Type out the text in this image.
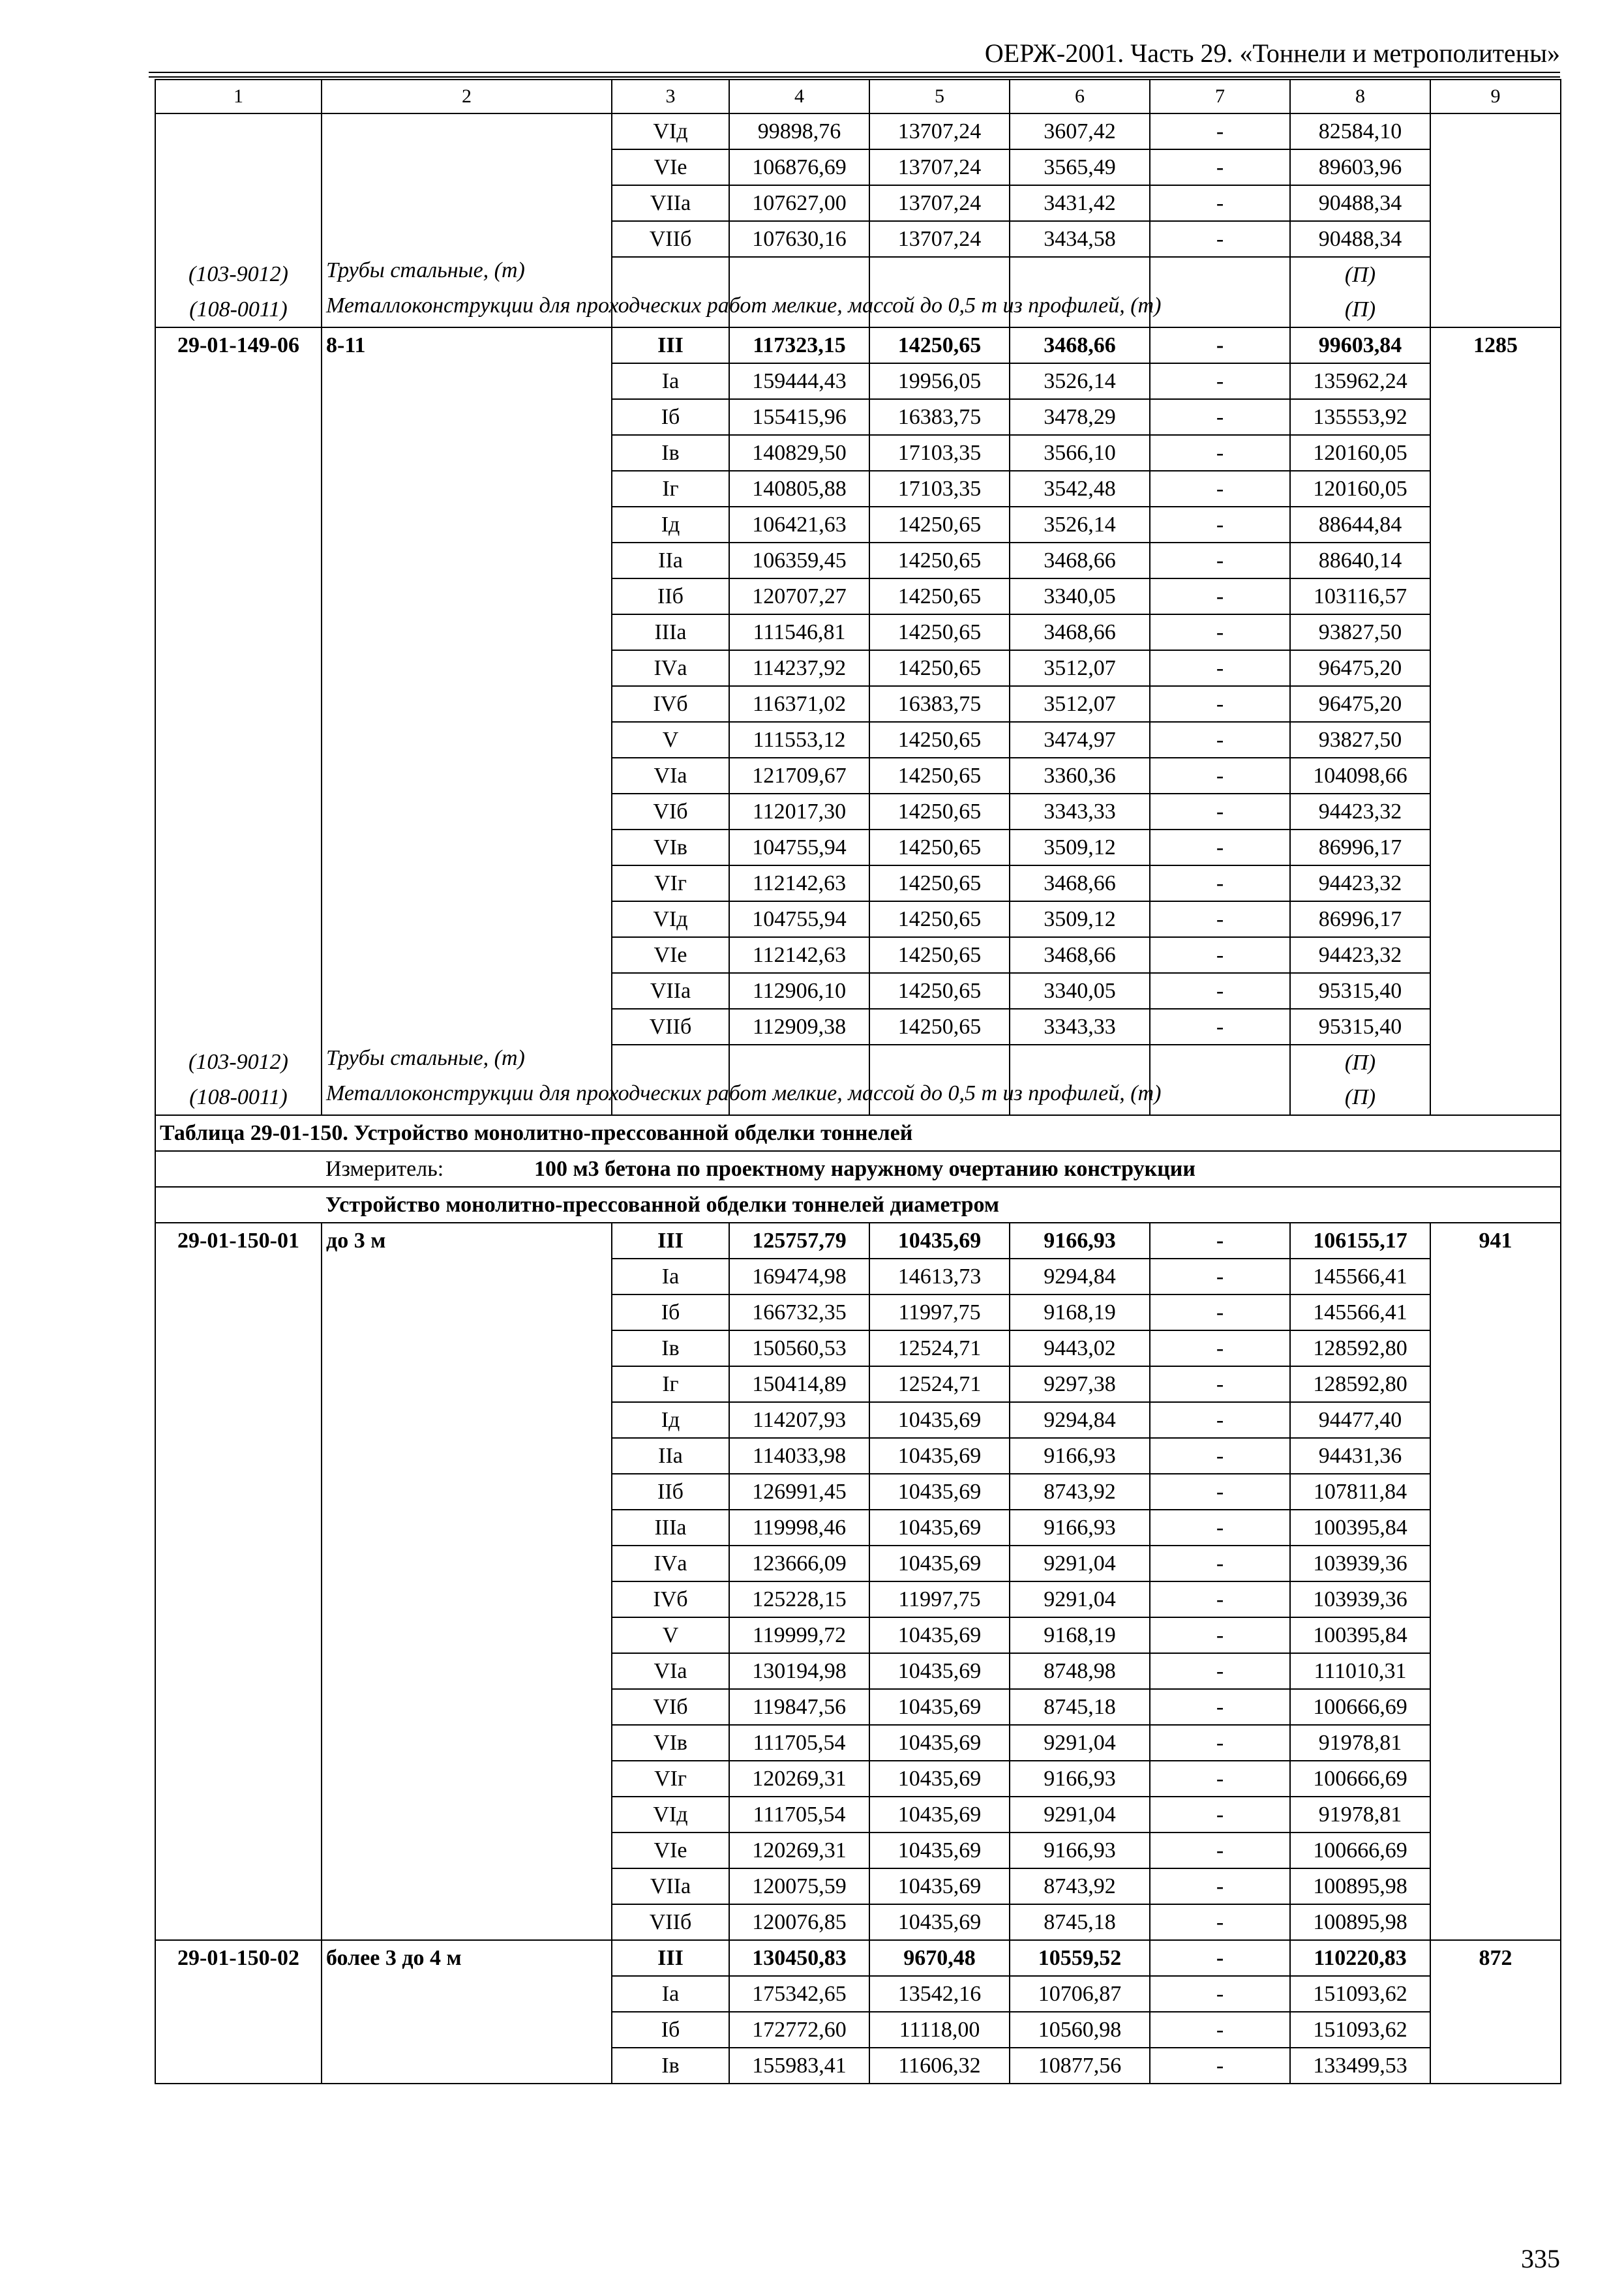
ОЕРЖ-2001. Часть 29. «Тоннели и метрополитены»
1	2	3	4	5	6	7	8	9
		VIд	99898,76	13707,24	3607,42	-	82584,10	
		VIе	106876,69	13707,24	3565,49	-	89603,96	
		VIIа	107627,00	13707,24	3431,42	-	90488,34	
		VIIб	107630,16	13707,24	3434,58	-	90488,34	
(103-9012)	Трубы стальные, (т)						(П)	
(108-0011)	Металлоконструкции для проходческих работ мелкие, массой до 0,5 т из профилей, (т)						(П)	
29-01-149-06	8-11	III	117323,15	14250,65	3468,66	-	99603,84	1285
		Iа	159444,43	19956,05	3526,14	-	135962,24	
		Iб	155415,96	16383,75	3478,29	-	135553,92	
		Iв	140829,50	17103,35	3566,10	-	120160,05	
		Iг	140805,88	17103,35	3542,48	-	120160,05	
		Iд	106421,63	14250,65	3526,14	-	88644,84	
		IIа	106359,45	14250,65	3468,66	-	88640,14	
		IIб	120707,27	14250,65	3340,05	-	103116,57	
		IIIа	111546,81	14250,65	3468,66	-	93827,50	
		IVа	114237,92	14250,65	3512,07	-	96475,20	
		IVб	116371,02	16383,75	3512,07	-	96475,20	
		V	111553,12	14250,65	3474,97	-	93827,50	
		VIа	121709,67	14250,65	3360,36	-	104098,66	
		VIб	112017,30	14250,65	3343,33	-	94423,32	
		VIв	104755,94	14250,65	3509,12	-	86996,17	
		VIг	112142,63	14250,65	3468,66	-	94423,32	
		VIд	104755,94	14250,65	3509,12	-	86996,17	
		VIе	112142,63	14250,65	3468,66	-	94423,32	
		VIIа	112906,10	14250,65	3340,05	-	95315,40	
		VIIб	112909,38	14250,65	3343,33	-	95315,40	
(103-9012)	Трубы стальные, (т)						(П)	
(108-0011)	Металлоконструкции для проходческих работ мелкие, массой до 0,5 т из профилей, (т)						(П)	
Таблица 29-01-150. Устройство монолитно-прессованной обделки тоннелей								
Измеритель: 100 м3 бетона по проектному наружному очертанию конструкции								
Устройство монолитно-прессованной обделки тоннелей диаметром								
29-01-150-01	до 3 м	III	125757,79	10435,69	9166,93	-	106155,17	941
		Iа	169474,98	14613,73	9294,84	-	145566,41	
		Iб	166732,35	11997,75	9168,19	-	145566,41	
		Iв	150560,53	12524,71	9443,02	-	128592,80	
		Iг	150414,89	12524,71	9297,38	-	128592,80	
		Iд	114207,93	10435,69	9294,84	-	94477,40	
		IIа	114033,98	10435,69	9166,93	-	94431,36	
		IIб	126991,45	10435,69	8743,92	-	107811,84	
		IIIа	119998,46	10435,69	9166,93	-	100395,84	
		IVа	123666,09	10435,69	9291,04	-	103939,36	
		IVб	125228,15	11997,75	9291,04	-	103939,36	
		V	119999,72	10435,69	9168,19	-	100395,84	
		VIа	130194,98	10435,69	8748,98	-	111010,31	
		VIб	119847,56	10435,69	8745,18	-	100666,69	
		VIв	111705,54	10435,69	9291,04	-	91978,81	
		VIг	120269,31	10435,69	9166,93	-	100666,69	
		VIд	111705,54	10435,69	9291,04	-	91978,81	
		VIе	120269,31	10435,69	9166,93	-	100666,69	
		VIIа	120075,59	10435,69	8743,92	-	100895,98	
		VIIб	120076,85	10435,69	8745,18	-	100895,98	
29-01-150-02	более 3 до 4 м	III	130450,83	9670,48	10559,52	-	110220,83	872
		Iа	175342,65	13542,16	10706,87	-	151093,62	
		Iб	172772,60	11118,00	10560,98	-	151093,62	
		Iв	155983,41	11606,32	10877,56	-	133499,53	
335
